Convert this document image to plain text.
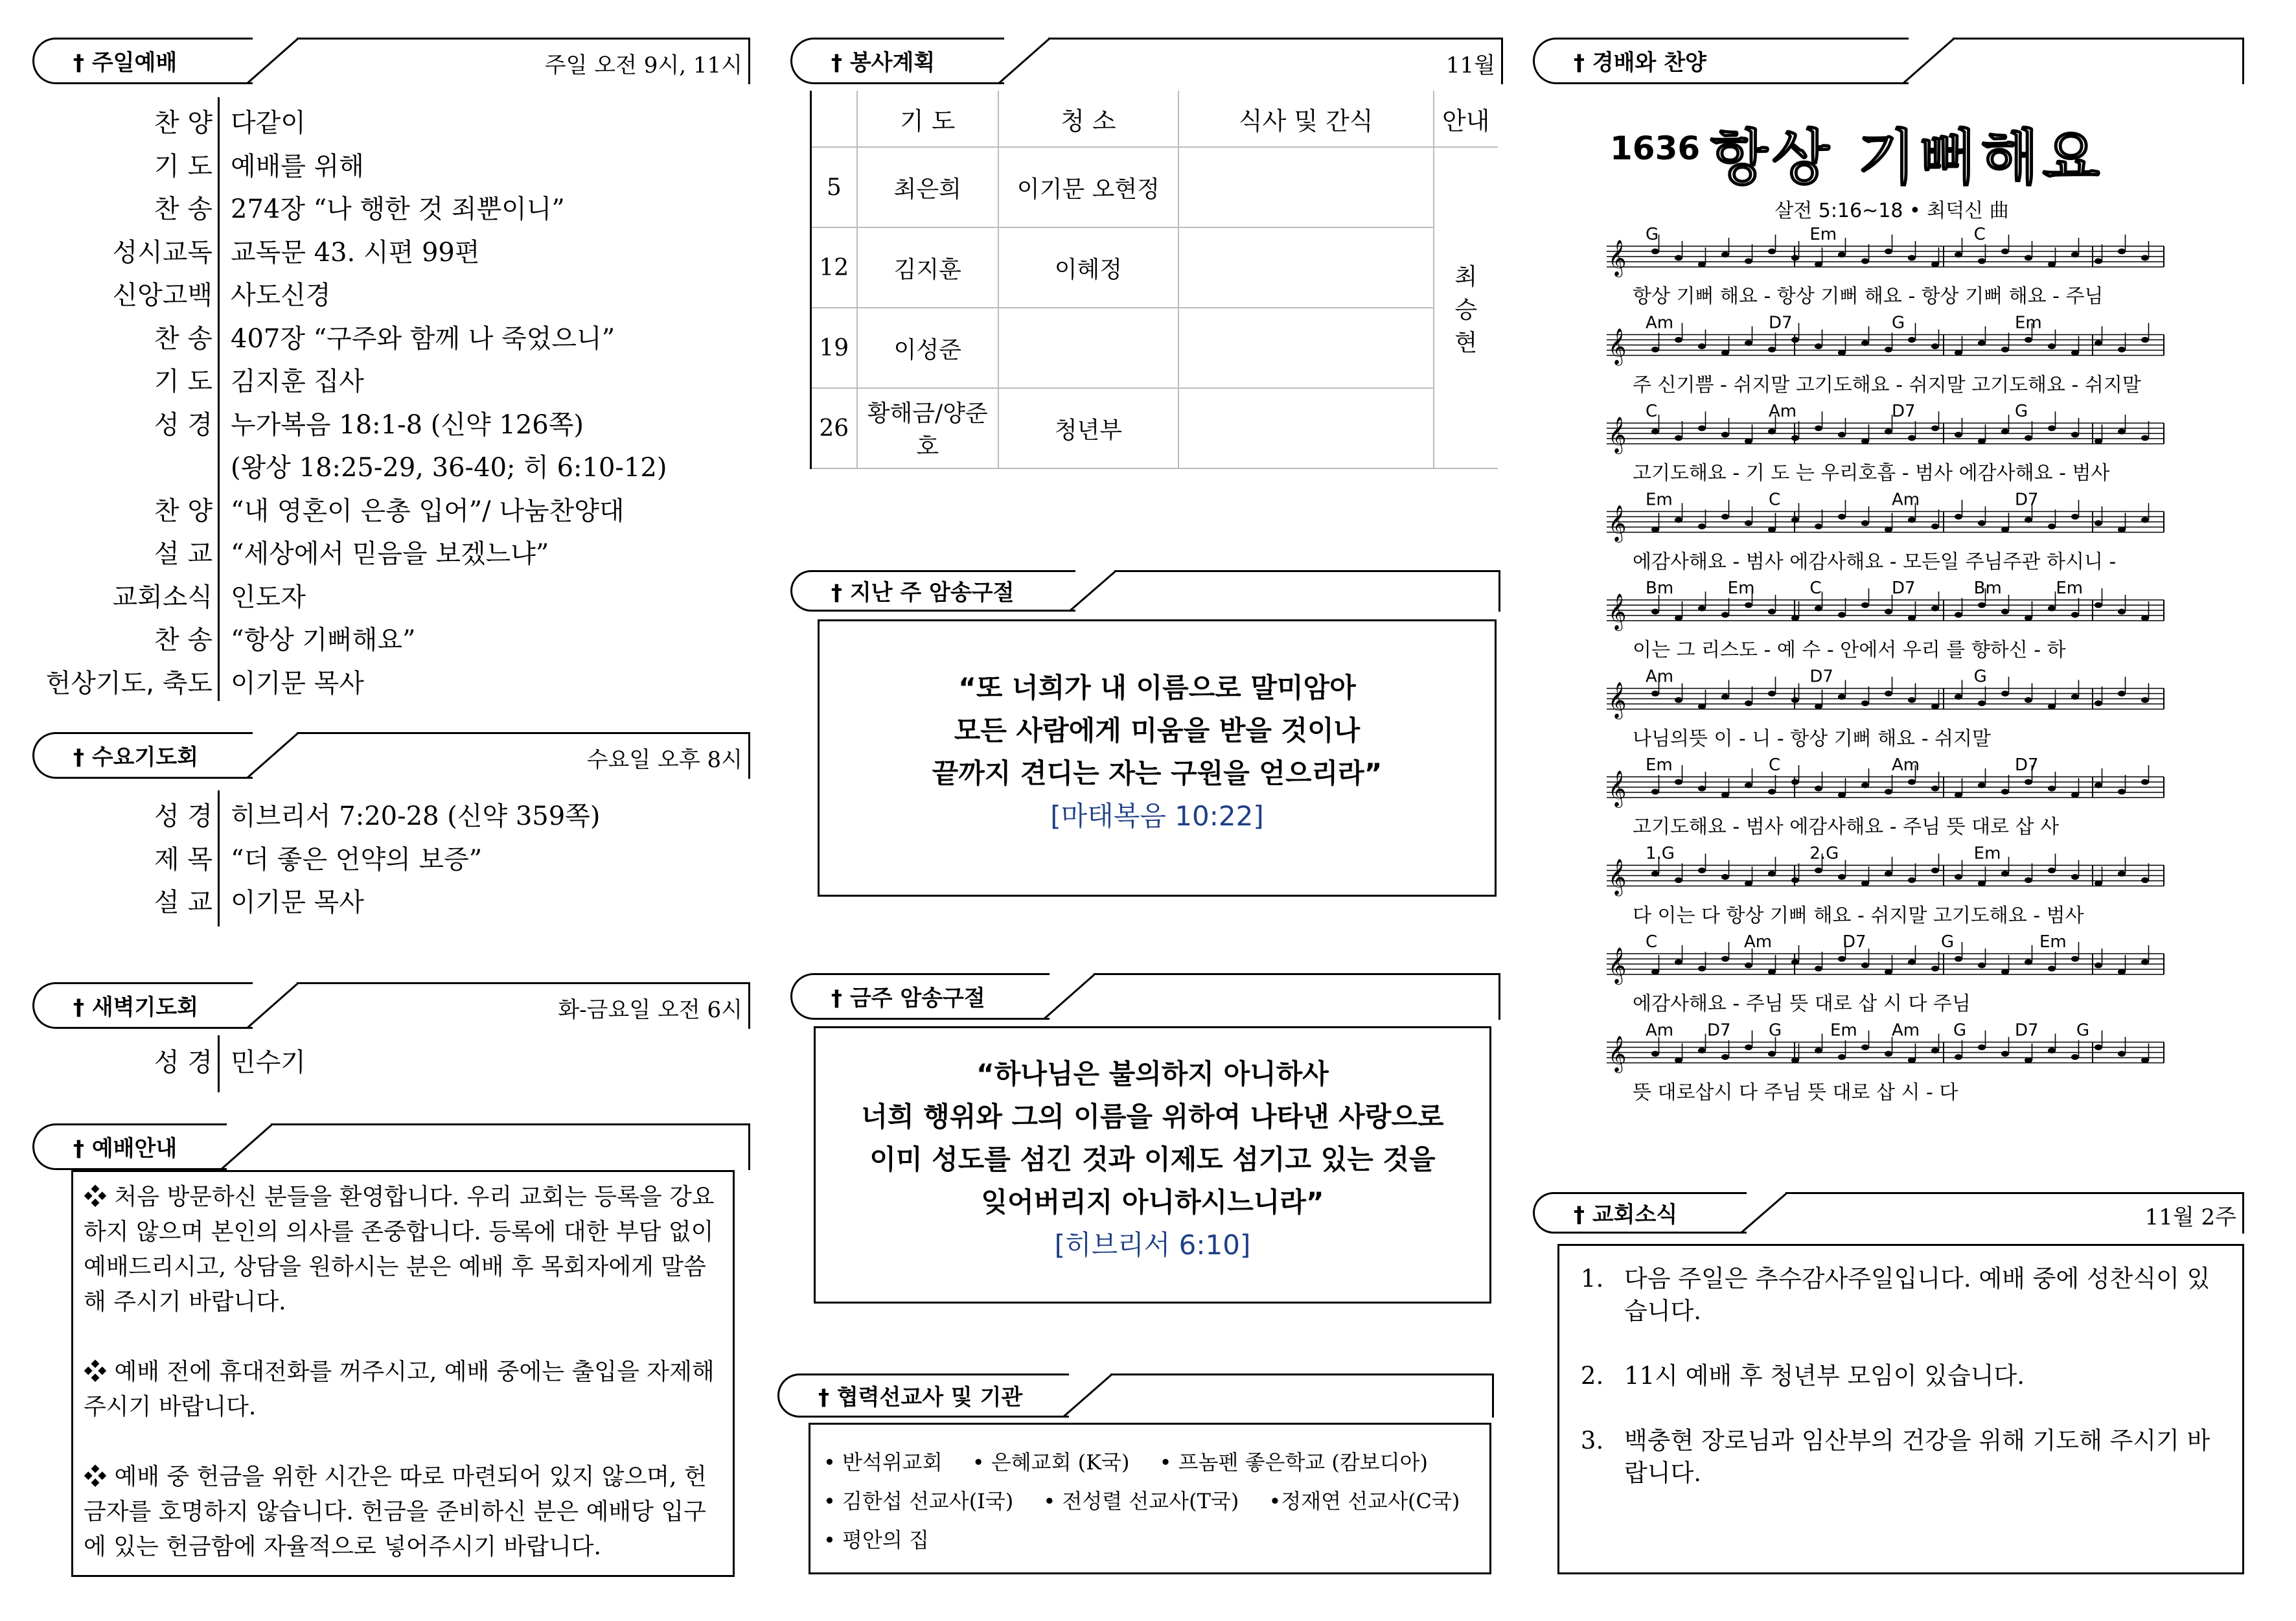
† 주일예배	주일 오전 9시, 11시
찬 양 다같이
기 도 예배를 위해
찬 송 274장 “나 행한 것 죄뿐이니”
성시교독 교독문 43. 시편 99편
신앙고백 사도신경
찬 송 407장 “구주와 함께 나 죽었으니”
기 도 김지훈 집사
성 경 누가복음 18:1-8 (신약 126쪽)
(왕상 18:25-29, 36-40; 히 6:10-12)
찬 양 “내 영혼이 은총 입어”/ 나눔찬양대
설 교 “세상에서 믿음을 보겠느냐”
교회소식 인도자
찬 송 “항상 기뻐해요”
헌상기도, 축도 이기문 목사
† 수요기도회	수요일 오후 8시
성 경 히브리서 7:20-28 (신약 359쪽)
제 목 “더 좋은 언약의 보증”
설 교 이기문 목사
† 새벽기도회	화-금요일 오전 6시
성 경 민수기
† 예배안내

❖ 처음 방문하신 분들을 환영합니다. 우리 교회는 등록을 강요하지 않으며 본인의 의사를 존중합니다. 등록에 대한 부담 없이 예배드리시고, 상담을 원하시는 분은 예배 후 목회자에게 말씀해 주시기 바랍니다.

❖ 예배 전에 휴대전화를 꺼주시고, 예배 중에는 출입을 자제해주시기 바랍니다.

❖ 예배 중 헌금을 위한 시간은 따로 마련되어 있지 않으며, 헌금자를 호명하지 않습니다. 헌금을 준비하신 분은 예배당 입구에 있는 헌금함에 자율적으로 넣어주시기 바랍니다.

† 봉사계획	11월
	기 도	청 소	식사 및 간식	안내
5	최은희	이기문 오현정		최
승
현

12	김지훈	이혜정		
19	이성준			
26	황해금/양준호	청년부		
† 지난 주 암송구절
“또 너희가 내 이름으로 말미암아
모든 사람에게 미움을 받을 것이나
끝까지 견디는 자는 구원을 얻으리라”
[마태복음 10:22]
† 금주 암송구절
“하나님은 불의하지 아니하사
너희 행위와 그의 이름을 위하여 나타낸 사랑으로
이미 성도를 섬긴 것과 이제도 섬기고 있는 것을
잊어버리지 아니하시느니라”
[히브리서 6:10]
† 협력선교사 및 기관
• 반석위교회 • 은혜교회 (K국) • 프놈펜 좋은학교 (캄보디아)
• 김한섭 선교사(I국) • 전성렬 선교사(T국) •정재연 선교사(C국)
• 평안의 집
† 경배와 찬양
1636 항상 기뻐해요
살전 5:16~18 • 최덕신 曲
𝄞
G	Em	C
𝄞
Am	D7	G	Em
𝄞
C	Am	D7	G
𝄞
Em	C	Am	D7
𝄞
Bm	Em	C	D7	Bm	Em
𝄞
Am	D7	G
𝄞
Em	C	Am	D7
𝄞
1.G	2.G	Em
𝄞
C	Am	D7	G	Em
𝄞
Am D7 G	Em Am G	D7 G
항상 기뻐 해요 - 항상 기뻐 해요 - 항상 기뻐 해요 - 주님
주 신기쁨 - 쉬지말 고기도해요 - 쉬지말 고기도해요 - 쉬지말
고기도해요 - 기 도 는 우리호흡 - 범사 에감사해요 - 범사
에감사해요 - 범사 에감사해요 - 모든일 주님주관 하시니 -
이는 그 리스도 - 예 수 - 안에서 우리 를 향하신 - 하
나님의뜻 이 - 니 - 항상 기뻐 해요 - 쉬지말
고기도해요 - 범사 에감사해요 - 주님 뜻 대로 삽 사
다 이는 다 항상 기뻐 해요 - 쉬지말 고기도해요 - 범사
에감사해요 - 주님 뜻 대로 삽 시 다 주님
뜻 대로삽시 다 주님 뜻 대로 삽 시 - 다
† 교회소식	11월 2주
1. 다음 주일은 추수감사주일입니다. 예배 중에 성찬식이 있습니다.
2. 11시 예배 후 청년부 모임이 있습니다.
3. 백충현 장로님과 임산부의 건강을 위해 기도해 주시기 바랍니다.
